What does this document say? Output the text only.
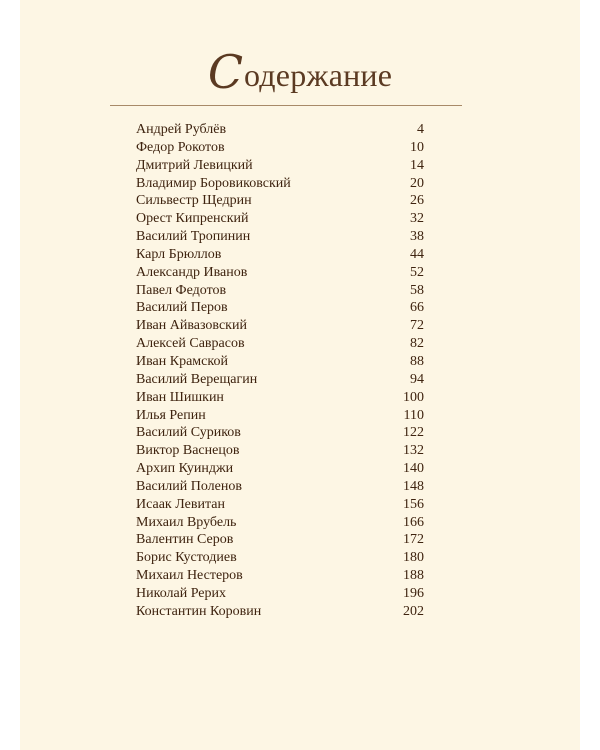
Содержание
Андрей Рублёв	4
Федор Рокотов	10
Дмитрий Левицкий	14
Владимир Боровиковский	20
Сильвестр Щедрин	26
Орест Кипренский	32
Василий Тропинин	38
Карл Брюллов	44
Александр Иванов	52
Павел Федотов	58
Василий Перов	66
Иван Айвазовский	72
Алексей Саврасов	82
Иван Крамской	88
Василий Верещагин	94
Иван Шишкин	100
Илья Репин	110
Василий Суриков	122
Виктор Васнецов	132
Архип Куинджи	140
Василий Поленов	148
Исаак Левитан	156
Михаил Врубель	166
Валентин Серов	172
Борис Кустодиев	180
Михаил Нестеров	188
Николай Рерих	196
Константин Коровин	202
